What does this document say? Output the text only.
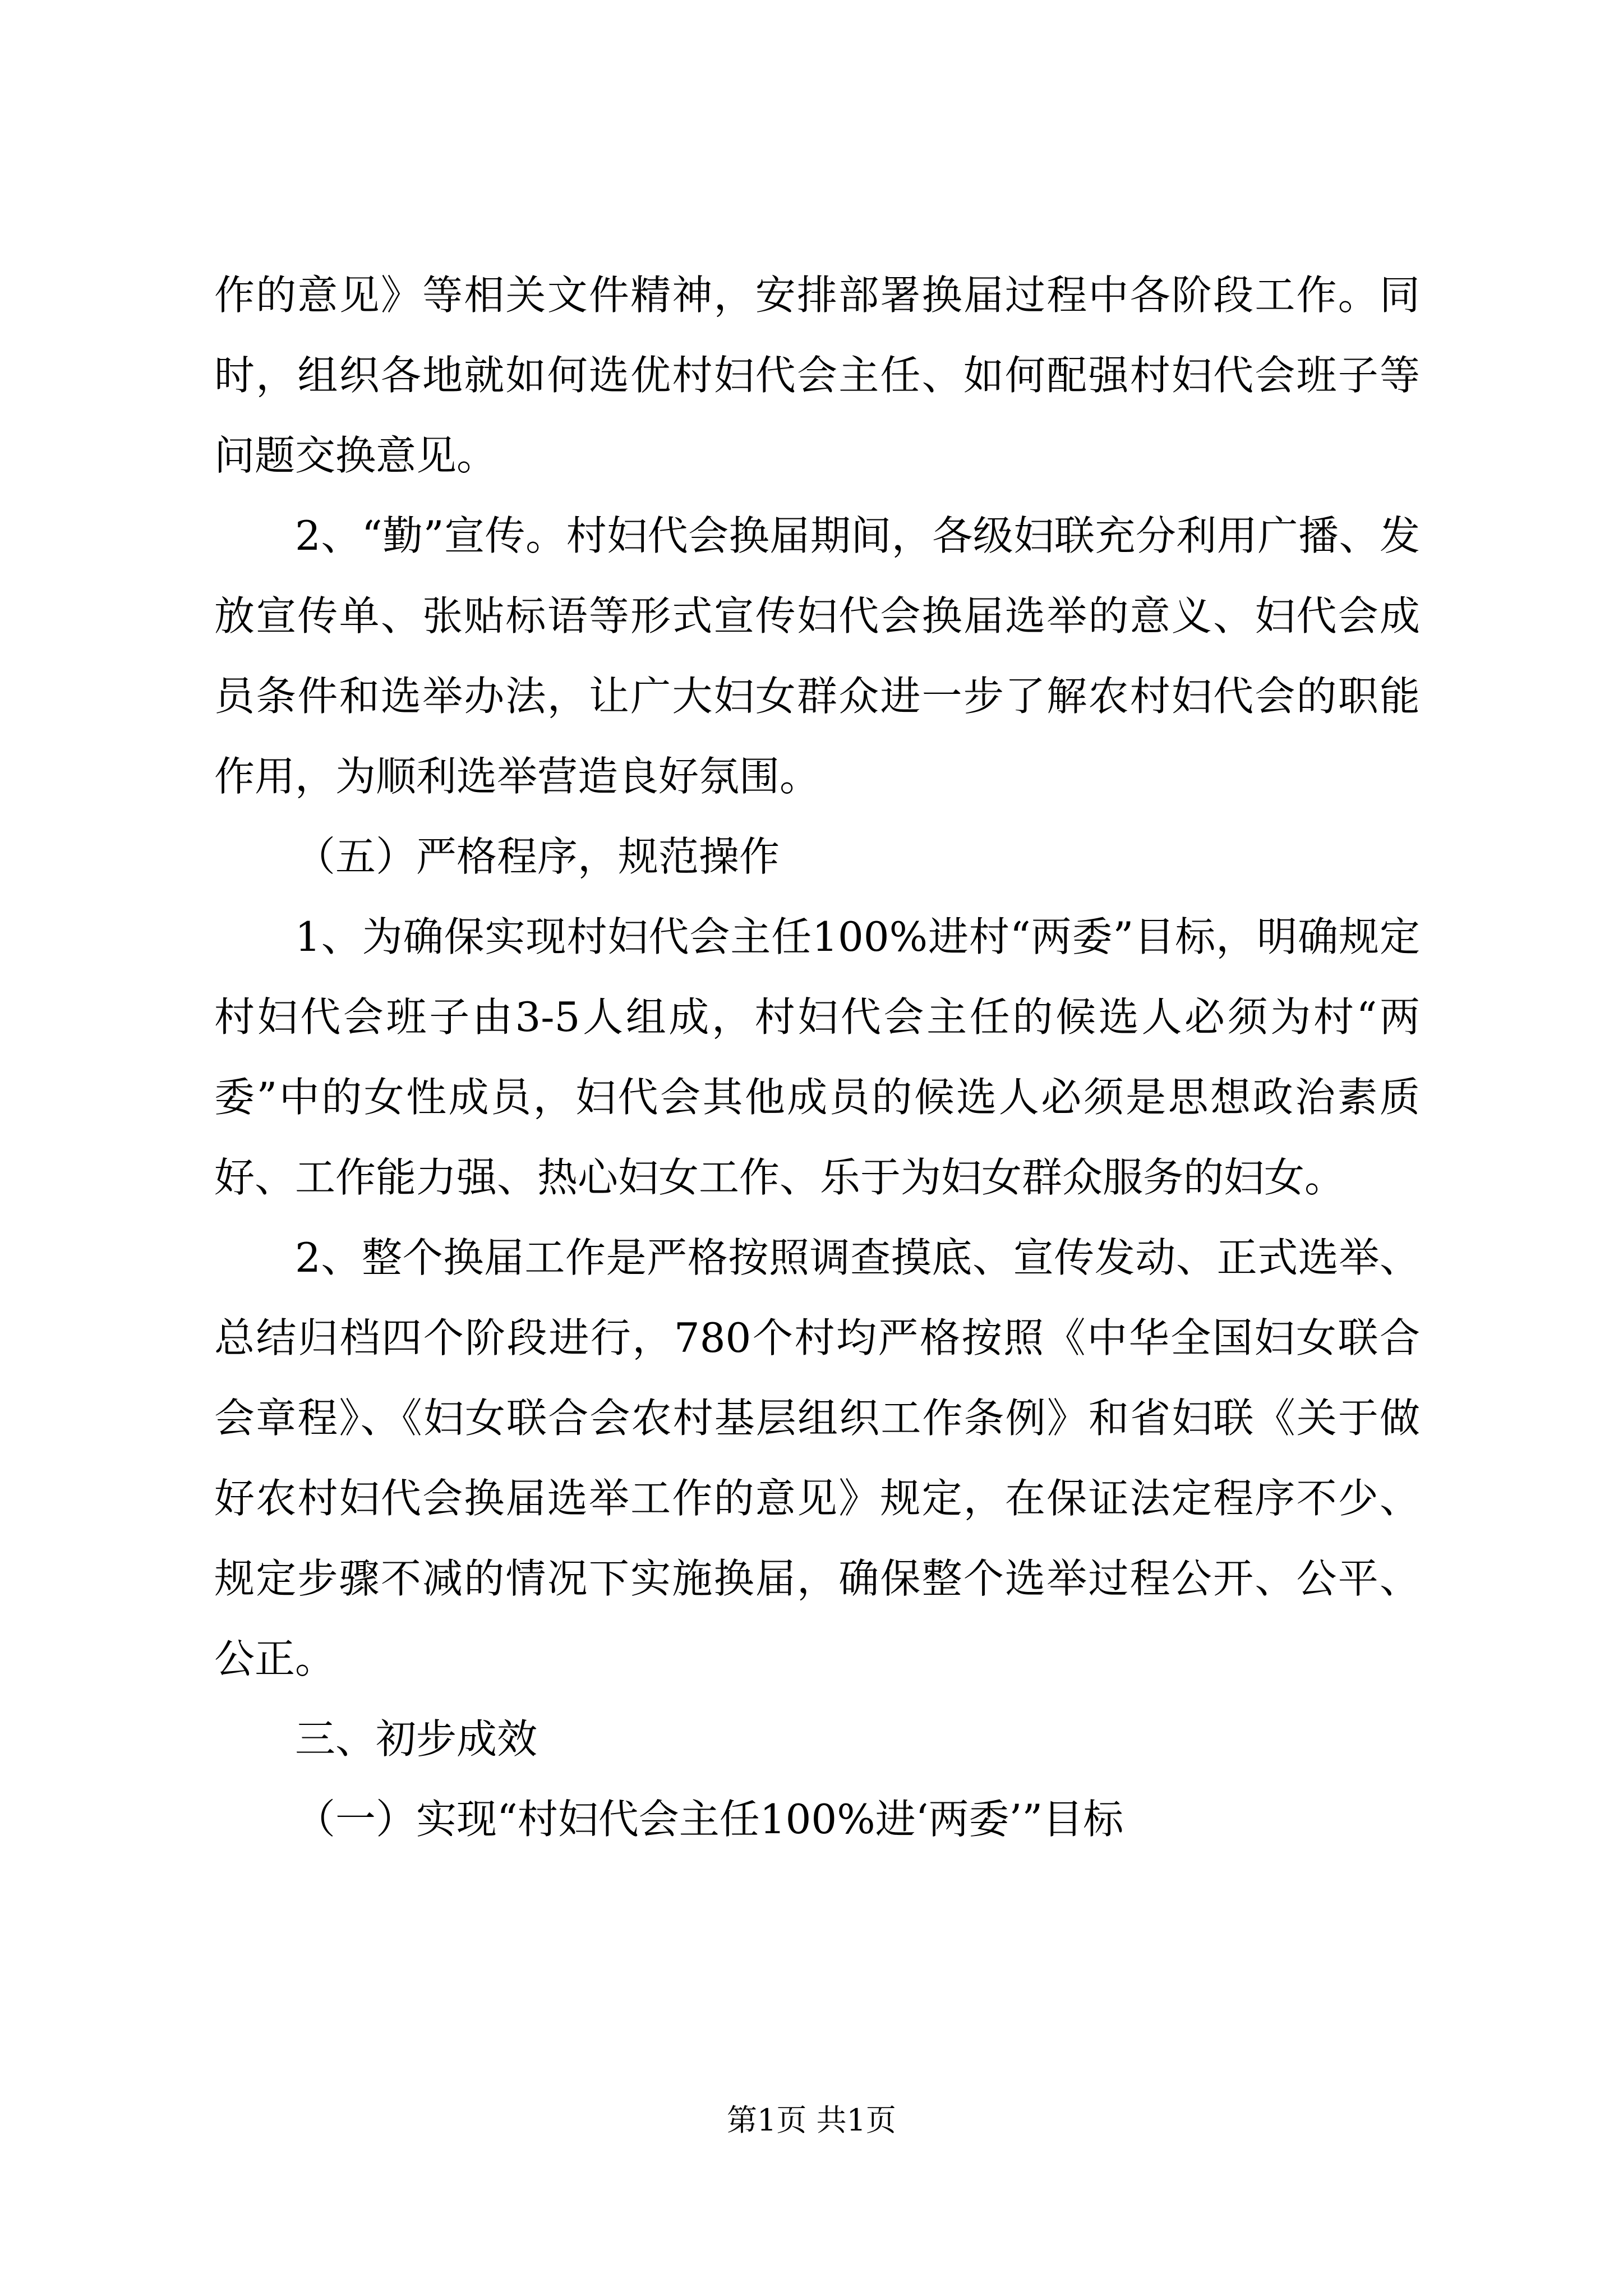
作的意见》等相关文件精神，安排部署换届过程中各阶段工作。同时，组织各地就如何选优村妇代会主任、如何配强村妇代会班子等问题交换意见。

2、“勤”宣传。村妇代会换届期间，各级妇联充分利用广播、发放宣传单、张贴标语等形式宣传妇代会换届选举的意义、妇代会成员条件和选举办法，让广大妇女群众进一步了解农村妇代会的职能作用，为顺利选举营造良好氛围。

（五）严格程序，规范操作

1、为确保实现村妇代会主任100%进村“两委”目标，明确规定村妇代会班子由3-5人组成，村妇代会主任的候选人必须为村“两委”中的女性成员，妇代会其他成员的候选人必须是思想政治素质好、工作能力强、热心妇女工作、乐于为妇女群众服务的妇女。

2、整个换届工作是严格按照调查摸底、宣传发动、正式选举、总结归档四个阶段进行，780个村均严格按照《中华全国妇女联合会章程》、《妇女联合会农村基层组织工作条例》和省妇联《关于做好农村妇代会换届选举工作的意见》规定，在保证法定程序不少、规定步骤不减的情况下实施换届，确保整个选举过程公开、公平、公正。

三、初步成效

（一）实现“村妇代会主任100%进‘两委’”目标

第1页 共1页
